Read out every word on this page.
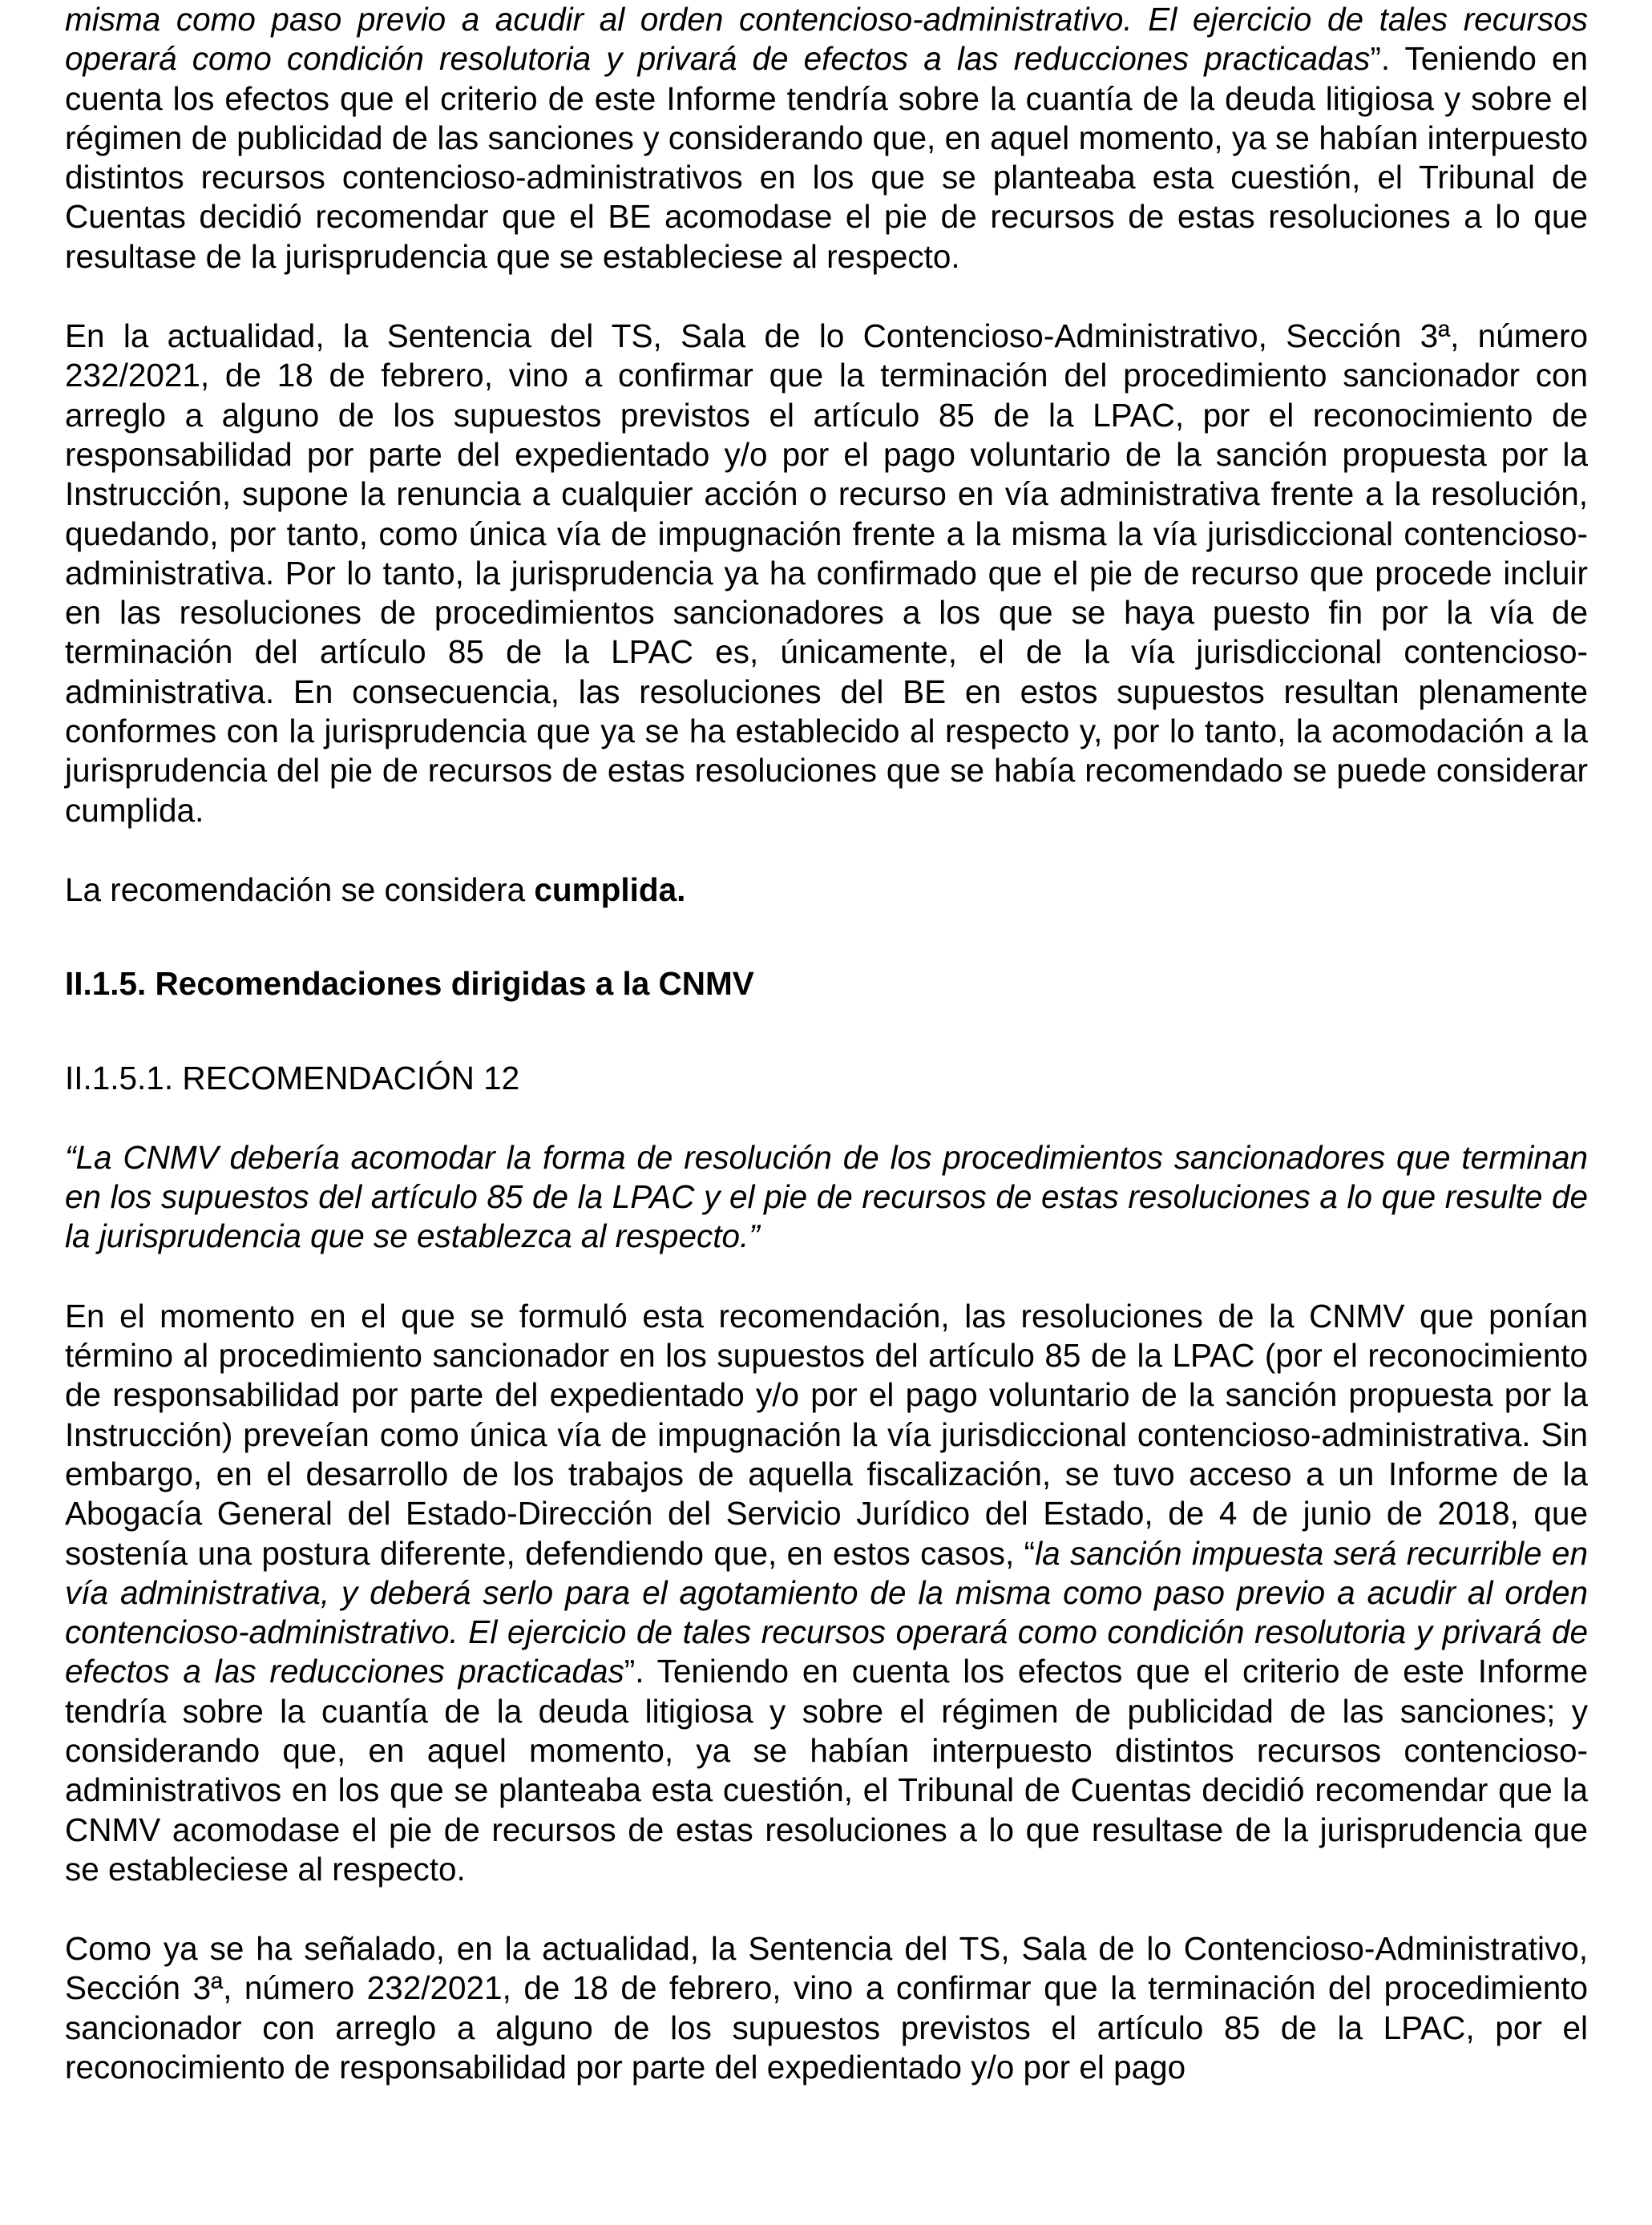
misma como paso previo a acudir al orden contencioso-administrativo. El ejercicio de tales recursos operará como condición resolutoria y privará de efectos a las reducciones practicadas”. Teniendo en cuenta los efectos que el criterio de este Informe tendría sobre la cuantía de la deuda litigiosa y sobre el régimen de publicidad de las sanciones y considerando que, en aquel momento, ya se habían interpuesto distintos recursos contencioso-administrativos en los que se planteaba esta cuestión, el Tribunal de Cuentas decidió recomendar que el BE acomodase el pie de recursos de estas resoluciones a lo que resultase de la jurisprudencia que se estableciese al respecto.

En la actualidad, la Sentencia del TS, Sala de lo Contencioso-Administrativo, Sección 3ª, número 232/2021, de 18 de febrero, vino a confirmar que la terminación del procedimiento sancionador con arreglo a alguno de los supuestos previstos el artículo 85 de la LPAC, por el reconocimiento de responsabilidad por parte del expedientado y/o por el pago voluntario de la sanción propuesta por la Instrucción, supone la renuncia a cualquier acción o recurso en vía administrativa frente a la resolución, quedando, por tanto, como única vía de impugnación frente a la misma la vía jurisdiccional contencioso-administrativa. Por lo tanto, la jurisprudencia ya ha confirmado que el pie de recurso que procede incluir en las resoluciones de procedimientos sancionadores a los que se haya puesto fin por la vía de terminación del artículo 85 de la LPAC es, únicamente, el de la vía jurisdiccional contencioso-administrativa. En consecuencia, las resoluciones del BE en estos supuestos resultan plenamente conformes con la jurisprudencia que ya se ha establecido al respecto y, por lo tanto, la acomodación a la jurisprudencia del pie de recursos de estas resoluciones que se había recomendado se puede considerar cumplida.

La recomendación se considera cumplida.

II.1.5. Recomendaciones dirigidas a la CNMV

II.1.5.1. RECOMENDACIÓN 12

“La CNMV debería acomodar la forma de resolución de los procedimientos sancionadores que terminan en los supuestos del artículo 85 de la LPAC y el pie de recursos de estas resoluciones a lo que resulte de la jurisprudencia que se establezca al respecto.”

En el momento en el que se formuló esta recomendación, las resoluciones de la CNMV que ponían término al procedimiento sancionador en los supuestos del artículo 85 de la LPAC (por el reconocimiento de responsabilidad por parte del expedientado y/o por el pago voluntario de la sanción propuesta por la Instrucción) preveían como única vía de impugnación la vía jurisdiccional contencioso-administrativa. Sin embargo, en el desarrollo de los trabajos de aquella fiscalización, se tuvo acceso a un Informe de la Abogacía General del Estado-Dirección del Servicio Jurídico del Estado, de 4 de junio de 2018, que sostenía una postura diferente, defendiendo que, en estos casos, “la sanción impuesta será recurrible en vía administrativa, y deberá serlo para el agotamiento de la misma como paso previo a acudir al orden contencioso-administrativo. El ejercicio de tales recursos operará como condición resolutoria y privará de efectos a las reducciones practicadas”. Teniendo en cuenta los efectos que el criterio de este Informe tendría sobre la cuantía de la deuda litigiosa y sobre el régimen de publicidad de las sanciones; y considerando que, en aquel momento, ya se habían interpuesto distintos recursos contencioso-administrativos en los que se planteaba esta cuestión, el Tribunal de Cuentas decidió recomendar que la CNMV acomodase el pie de recursos de estas resoluciones a lo que resultase de la jurisprudencia que se estableciese al respecto.

Como ya se ha señalado, en la actualidad, la Sentencia del TS, Sala de lo Contencioso-Administrativo, Sección 3ª, número 232/2021, de 18 de febrero, vino a confirmar que la terminación del procedimiento sancionador con arreglo a alguno de los supuestos previstos el artículo 85 de la LPAC, por el reconocimiento de responsabilidad por parte del expedientado y/o por el pago
